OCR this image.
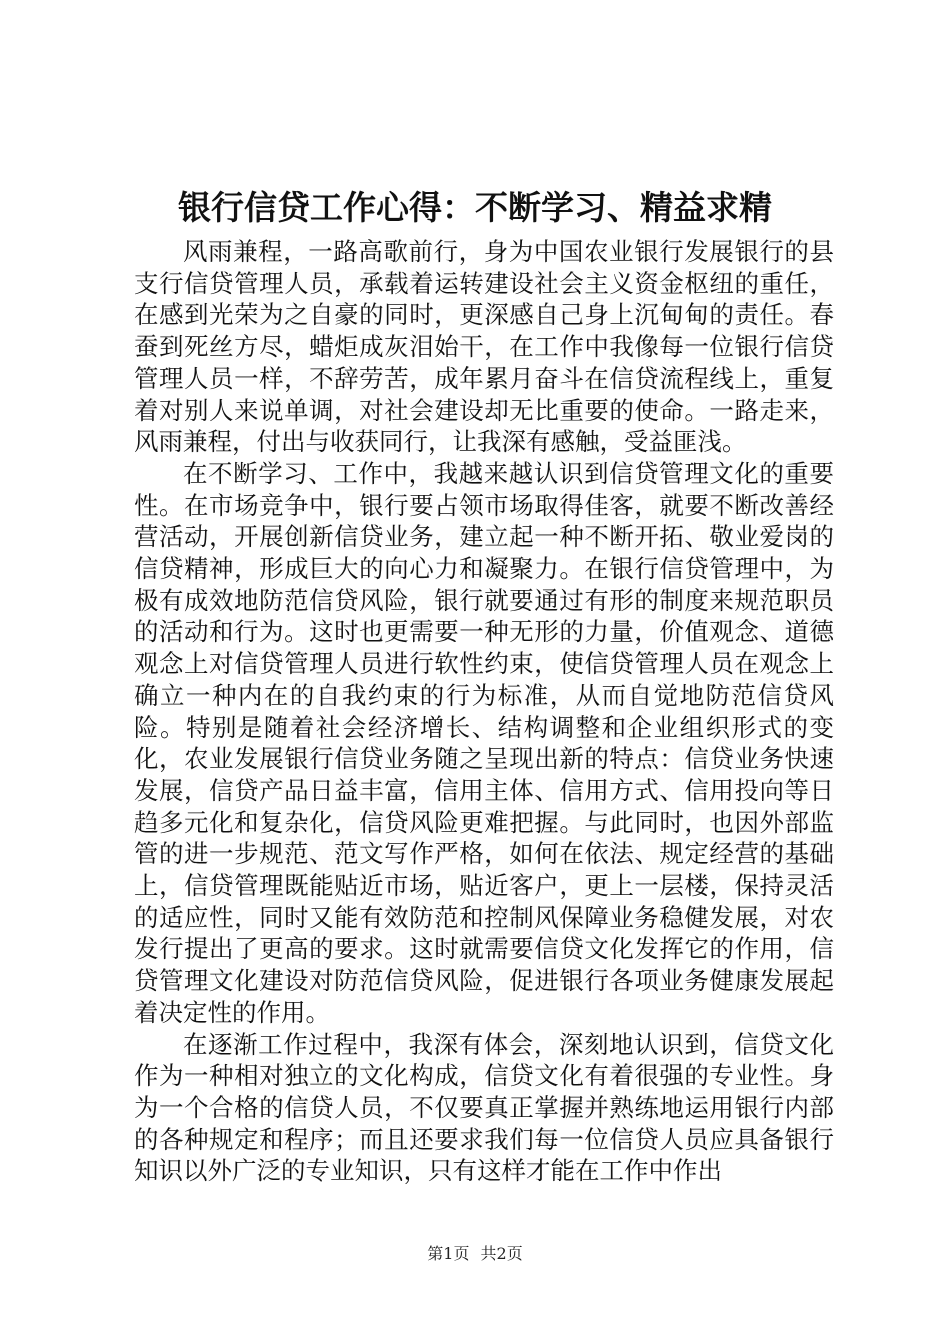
银行信贷工作心得：不断学习、精益求精

风雨兼程，一路高歌前行，身为中国农业银行发展银行的县支行信贷管理人员，承载着运转建设社会主义资金枢纽的重任，在感到光荣为之自豪的同时，更深感自己身上沉甸甸的责任。春蚕到死丝方尽，蜡炬成灰泪始干，在工作中我像每一位银行信贷管理人员一样，不辞劳苦，成年累月奋斗在信贷流程线上，重复着对别人来说单调，对社会建设却无比重要的使命。一路走来，风雨兼程，付出与收获同行，让我深有感触，受益匪浅。

在不断学习、工作中，我越来越认识到信贷管理文化的重要性。在市场竞争中，银行要占领市场取得佳客，就要不断改善经营活动，开展创新信贷业务，建立起一种不断开拓、敬业爱岗的信贷精神，形成巨大的向心力和凝聚力。在银行信贷管理中，为极有成效地防范信贷风险，银行就要通过有形的制度来规范职员的活动和行为。这时也更需要一种无形的力量，价值观念、道德观念上对信贷管理人员进行软性约束，使信贷管理人员在观念上确立一种内在的自我约束的行为标准，从而自觉地防范信贷风险。特别是随着社会经济增长、结构调整和企业组织形式的变化，农业发展银行信贷业务随之呈现出新的特点：信贷业务快速发展，信贷产品日益丰富，信用主体、信用方式、信用投向等日趋多元化和复杂化，信贷风险更难把握。与此同时，也因外部监管的进一步规范、范文写作严格，如何在依法、规定经营的基础上，信贷管理既能贴近市场，贴近客户，更上一层楼，保持灵活的适应性，同时又能有效防范和控制风保障业务稳健发展，对农发行提出了更高的要求。这时就需要信贷文化发挥它的作用，信贷管理文化建设对防范信贷风险，促进银行各项业务健康发展起着决定性的作用。

在逐渐工作过程中，我深有体会，深刻地认识到，信贷文化作为一种相对独立的文化构成，信贷文化有着很强的专业性。身为一个合格的信贷人员，不仅要真正掌握并熟练地运用银行内部的各种规定和程序；而且还要求我们每一位信贷人员应具备银行知识以外广泛的专业知识，只有这样才能在工作中作出

第1页 共2页
